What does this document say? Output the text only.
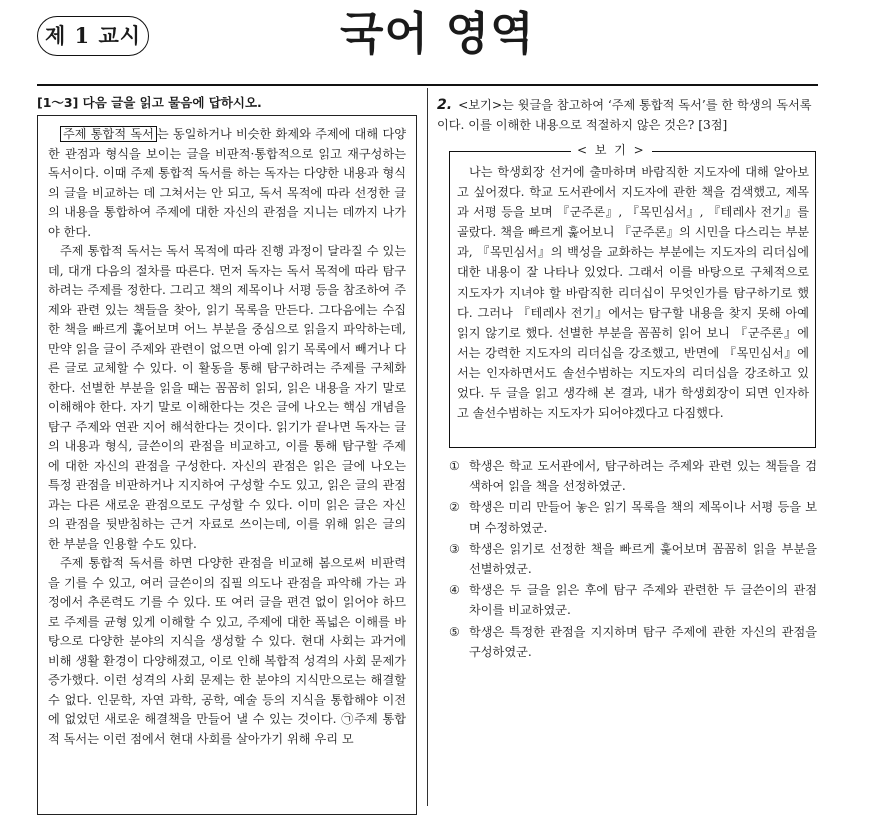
제 1 교시	국어 영역
[1～3] 다음 글을 읽고 물음에 답하시오.

주제 통합적 독서 는 동일하거나 비슷한 화제와 주제에 대해 다양한 관점과 형식을 보이는 글을 비판적·통합적으로 읽고 재구성하는 독서이다. 이때 주제 통합적 독서를 하는 독자는 다양한 내용과 형식의 글을 비교하는 데 그쳐서는 안 되고, 독서 목적에 따라 선정한 글의 내용을 통합하여 주제에 대한 자신의 관점을 지니는 데까지 나가야 한다.

주제 통합적 독서는 독서 목적에 따라 진행 과정이 달라질 수 있는데, 대개 다음의 절차를 따른다. 먼저 독자는 독서 목적에 따라 탐구하려는 주제를 정한다. 그리고 책의 제목이나 서평 등을 참조하여 주제와 관련 있는 책들을 찾아, 읽기 목록을 만든다. 그다음에는 수집한 책을 빠르게 훑어보며 어느 부분을 중심으로 읽을지 파악하는데, 만약 읽을 글이 주제와 관련이 없으면 아예 읽기 목록에서 빼거나 다른 글로 교체할 수 있다. 이 활동을 통해 탐구하려는 주제를 구체화한다. 선별한 부분을 읽을 때는 꼼꼼히 읽되, 읽은 내용을 자기 말로 이해해야 한다. 자기 말로 이해한다는 것은 글에 나오는 핵심 개념을 탐구 주제와 연관 지어 해석한다는 것이다. 읽기가 끝나면 독자는 글의 내용과 형식, 글쓴이의 관점을 비교하고, 이를 통해 탐구할 주제에 대한 자신의 관점을 구성한다. 자신의 관점은 읽은 글에 나오는 특정 관점을 비판하거나 지지하여 구성할 수도 있고, 읽은 글의 관점과는 다른 새로운 관점으로도 구성할 수 있다. 이미 읽은 글은 자신의 관점을 뒷받침하는 근거 자료로 쓰이는데, 이를 위해 읽은 글의 한 부분을 인용할 수도 있다.

주제 통합적 독서를 하면 다양한 관점을 비교해 봄으로써 비판력을 기를 수 있고, 여러 글쓴이의 집필 의도나 관점을 파악해 가는 과정에서 추론력도 기를 수 있다. 또 여러 글을 편견 없이 읽어야 하므로 주제를 균형 있게 이해할 수 있고, 주제에 대한 폭넓은 이해를 바탕으로 다양한 분야의 지식을 생성할 수 있다. 현대 사회는 과거에 비해 생활 환경이 다양해졌고, 이로 인해 복합적 성격의 사회 문제가 증가했다. 이런 성격의 사회 문제는 한 분야의 지식만으로는 해결할 수 없다. 인문학, 자연 과학, 공학, 예술 등의 지식을 통합해야 이전에 없었던 새로운 해결책을 만들어 낼 수 있는 것이다. ㉠주제 통합적 독서는 이런 점에서 현대 사회를 살아가기 위해 우리 모

2. <보기>는 윗글을 참고하여 ‘주제 통합적 독서’를 한 학생의 독서록이다. 이를 이해한 내용으로 적절하지 않은 것은? [3점]
< 보 기 >
나는 학생회장 선거에 출마하며 바람직한 지도자에 대해 알아보고 싶어졌다. 학교 도서관에서 지도자에 관한 책을 검색했고, 제목과 서평 등을 보며 『군주론』, 『목민심서』, 『테레사 전기』를 골랐다. 책을 빠르게 훑어보니 『군주론』의 시민을 다스리는 부분과, 『목민심서』의 백성을 교화하는 부분에는 지도자의 리더십에 대한 내용이 잘 나타나 있었다. 그래서 이를 바탕으로 구체적으로 지도자가 지녀야 할 바람직한 리더십이 무엇인가를 탐구하기로 했다. 그러나 『테레사 전기』에서는 탐구할 내용을 찾지 못해 아예 읽지 않기로 했다. 선별한 부분을 꼼꼼히 읽어 보니 『군주론』에서는 강력한 지도자의 리더십을 강조했고, 반면에 『목민심서』에서는 인자하면서도 솔선수범하는 지도자의 리더십을 강조하고 있었다. 두 글을 읽고 생각해 본 결과, 내가 학생회장이 되면 인자하고 솔선수범하는 지도자가 되어야겠다고 다짐했다.
① 학생은 학교 도서관에서, 탐구하려는 주제와 관련 있는 책들을 검색하여 읽을 책을 선정하였군.
② 학생은 미리 만들어 놓은 읽기 목록을 책의 제목이나 서평 등을 보며 수정하였군.
③ 학생은 읽기로 선정한 책을 빠르게 훑어보며 꼼꼼히 읽을 부분을 선별하였군.
④ 학생은 두 글을 읽은 후에 탐구 주제와 관련한 두 글쓴이의 관점 차이를 비교하였군.
⑤ 학생은 특정한 관점을 지지하며 탐구 주제에 관한 자신의 관점을 구성하였군.
